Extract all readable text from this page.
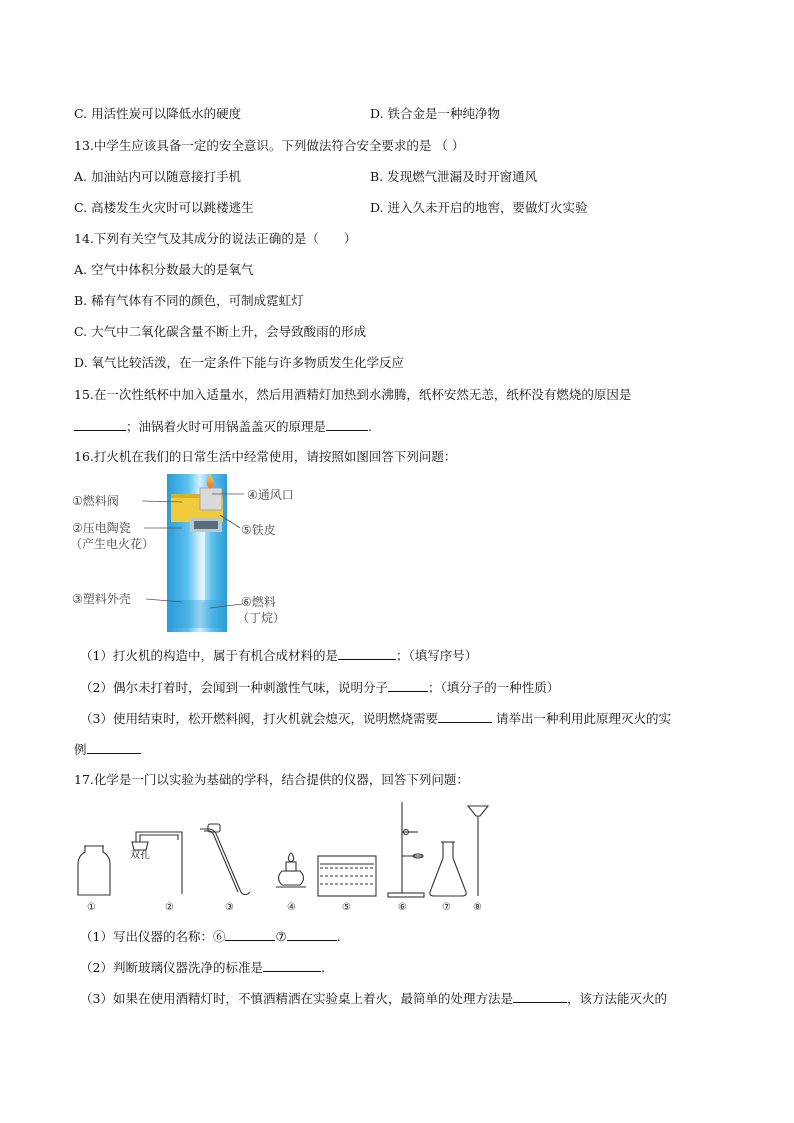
C. 用活性炭可以降低水的硬度	D. 铁合金是一种纯净物
13.中学生应该具备一定的安全意识。下列做法符合安全要求的是 （ ）
A. 加油站内可以随意接打手机	B. 发现燃气泄漏及时开窗通风
C. 高楼发生火灾时可以跳楼逃生	D. 进入久未开启的地窖，要做灯火实验
14.下列有关空气及其成分的说法正确的是（　　）
A. 空气中体积分数最大的是氧气
B. 稀有气体有不同的颜色，可制成霓虹灯
C. 大气中二氧化碳含量不断上升，会导致酸雨的形成
D. 氧气比较活泼，在一定条件下能与许多物质发生化学反应
15.在一次性纸杯中加入适量水，然后用酒精灯加热到水沸腾，纸杯安然无恙，纸杯没有燃烧的原因是
；油锅着火时可用锅盖盖灭的原理是	.
16.打火机在我们的日常生活中经常使用，请按照如图回答下列问题：
①燃料阀
②压电陶瓷
（产生电火花）
③塑料外壳
④通风口
⑤铁皮
⑥燃料
（丁烷）
（1）打火机的构造中，属于有机合成材料的是	；（填写序号）
（2）偶尔未打着时，会闻到一种刺激性气味，说明分子	；（填分子的一种性质）
（3）使用结束时，松开燃料阀，打火机就会熄灭，说明燃烧需要	请举出一种利用此原理灭火的实
例
17.化学是一门以实验为基础的学科，结合提供的仪器，回答下列问题：
双孔
①	②	③	④	⑤	⑥	⑦ ⑧
（1）写出仪器的名称：⑥	⑦	.
（2）判断玻璃仪器洗净的标准是	.
（3）如果在使用酒精灯时，不慎酒精洒在实验桌上着火，最简单的处理方法是	，该方法能灭火的
